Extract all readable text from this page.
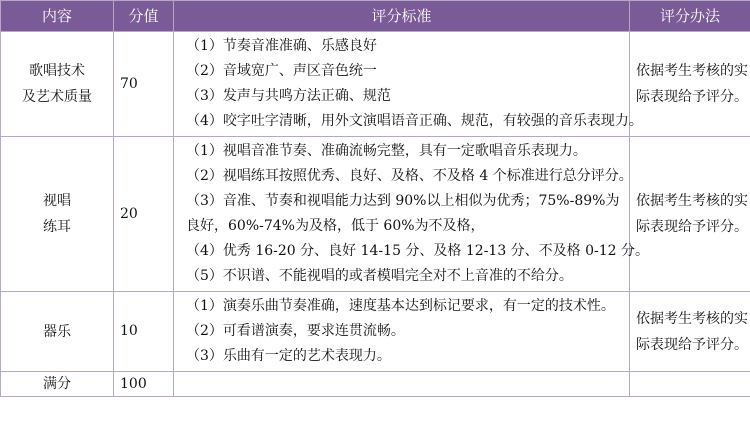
内容	分值	评分标准	评分办法

歌唱技术
及艺术质量	70	（1）节奏音准准确、乐感良好
（2）音域宽广、声区音色统一
（3）发声与共鸣方法正确、规范
（4）咬字吐字清晰，用外文演唱语音正确、规范，有较强的音乐表现力。	依据考生考核的实
际表现给予评分。

视唱
练耳	20	（1）视唱音准节奏、准确流畅完整，具有一定歌唱音乐表现力。
（2）视唱练耳按照优秀、良好、及格、不及格 4 个标准进行总分评分。
（3）音准、节奏和视唱能力达到 90%以上相似为优秀；75%-89%为良好，60%-74%为及格，低于 60%为不及格，
（4）优秀 16-20 分、良好 14-15 分、及格 12-13 分、不及格 0-12 分。
（5）不识谱、不能视唱的或者模唱完全对不上音准的不给分。	依据考生考核的实
际表现给予评分。

器乐	10	（1）演奏乐曲节奏准确，速度基本达到标记要求，有一定的技术性。
（2）可看谱演奏，要求连贯流畅。
（3）乐曲有一定的艺术表现力。	依据考生考核的实
际表现给予评分。

满分	100		
